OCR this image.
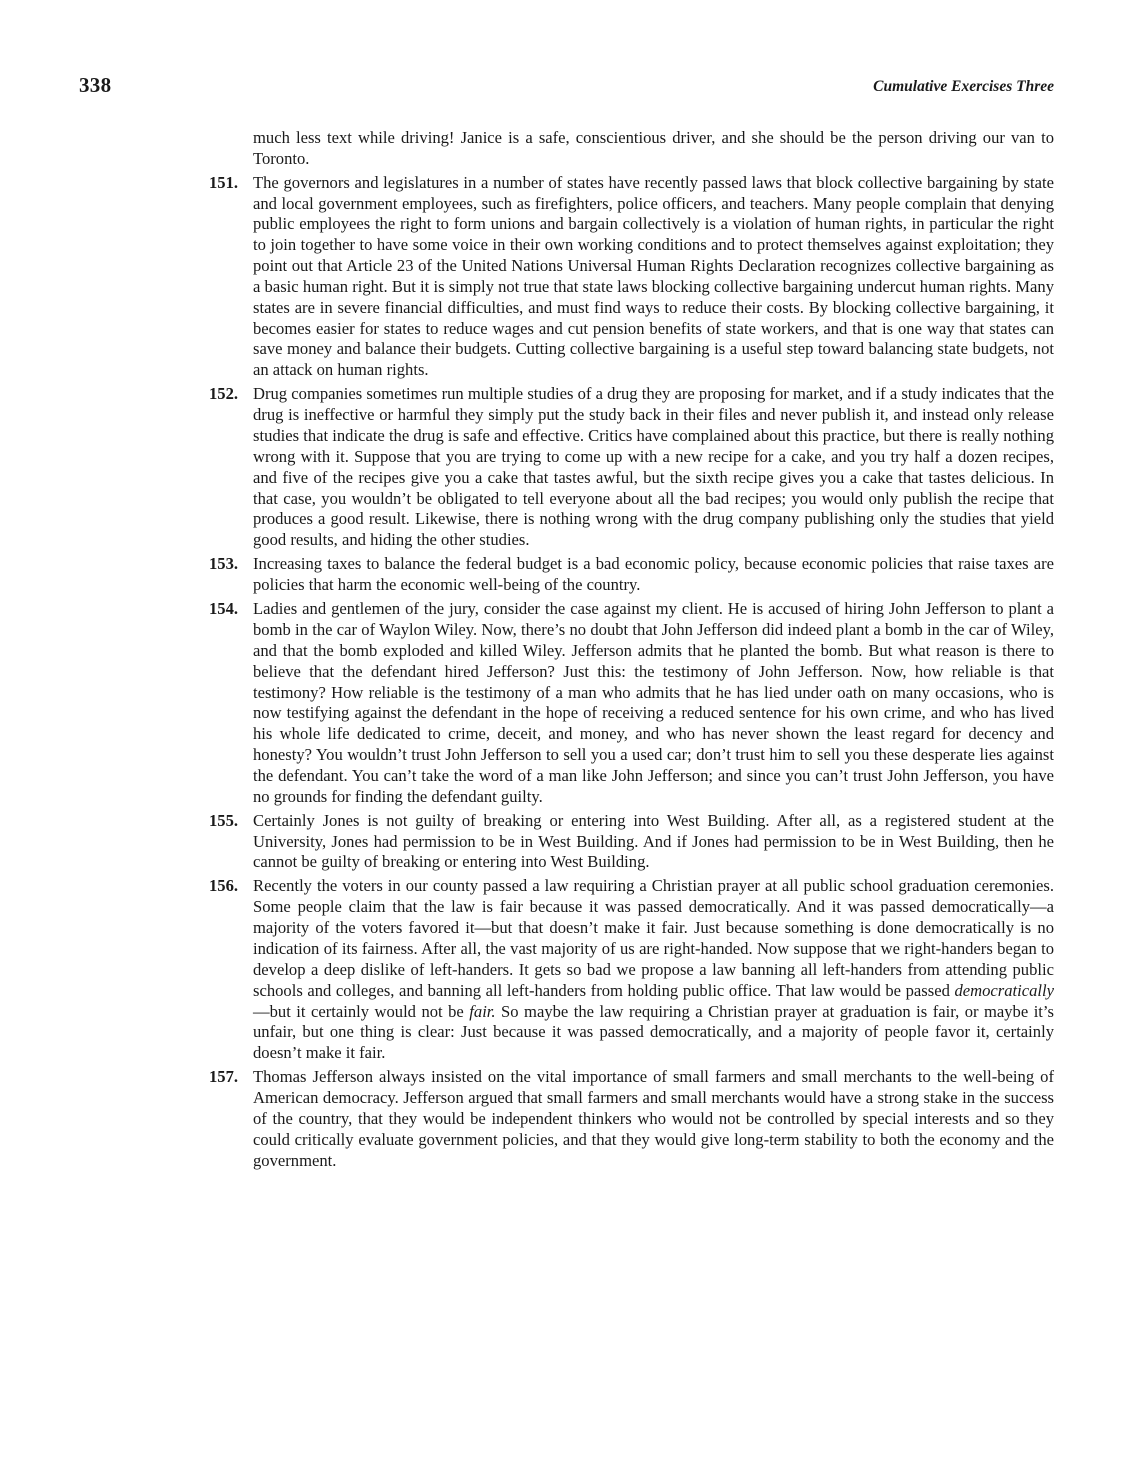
338	Cumulative Exercises Three

much less text while driving! Janice is a safe, conscientious driver, and she should be the person driving our van to Toronto.

151. The governors and legislatures in a number of states have recently passed laws that block collective bargaining by state and local government employees, such as firefighters, police officers, and teachers. Many people complain that denying public employees the right to form unions and bargain collectively is a violation of human rights, in particular the right to join together to have some voice in their own working conditions and to protect themselves against exploitation; they point out that Article 23 of the United Nations Universal Human Rights Declaration recognizes collective bargaining as a basic human right. But it is simply not true that state laws blocking collective bargaining undercut human rights. Many states are in severe financial difficulties, and must find ways to reduce their costs. By blocking collective bargaining, it becomes easier for states to reduce wages and cut pension benefits of state workers, and that is one way that states can save money and balance their budgets. Cutting collective bargaining is a useful step toward balancing state budgets, not an attack on human rights.

152. Drug companies sometimes run multiple studies of a drug they are proposing for market, and if a study indicates that the drug is ineffective or harmful they simply put the study back in their files and never publish it, and instead only release studies that indicate the drug is safe and effective. Critics have complained about this practice, but there is really nothing wrong with it. Suppose that you are trying to come up with a new recipe for a cake, and you try half a dozen recipes, and five of the recipes give you a cake that tastes awful, but the sixth recipe gives you a cake that tastes delicious. In that case, you wouldn’t be obligated to tell everyone about all the bad recipes; you would only publish the recipe that produces a good result. Likewise, there is nothing wrong with the drug company publishing only the studies that yield good results, and hiding the other studies.

153. Increasing taxes to balance the federal budget is a bad economic policy, because economic policies that raise taxes are policies that harm the economic well-being of the country.

154. Ladies and gentlemen of the jury, consider the case against my client. He is accused of hiring John Jefferson to plant a bomb in the car of Waylon Wiley. Now, there’s no doubt that John Jefferson did indeed plant a bomb in the car of Wiley, and that the bomb exploded and killed Wiley. Jefferson admits that he planted the bomb. But what reason is there to believe that the defendant hired Jefferson? Just this: the testimony of John Jefferson. Now, how reliable is that testimony? How reliable is the testimony of a man who admits that he has lied under oath on many occasions, who is now testifying against the defendant in the hope of receiving a reduced sentence for his own crime, and who has lived his whole life dedicated to crime, deceit, and money, and who has never shown the least regard for decency and honesty? You wouldn’t trust John Jefferson to sell you a used car; don’t trust him to sell you these desperate lies against the defendant. You can’t take the word of a man like John Jefferson; and since you can’t trust John Jefferson, you have no grounds for finding the defendant guilty.

155. Certainly Jones is not guilty of breaking or entering into West Building. After all, as a registered student at the University, Jones had permission to be in West Building. And if Jones had permission to be in West Building, then he cannot be guilty of breaking or entering into West Building.

156. Recently the voters in our county passed a law requiring a Christian prayer at all public school graduation ceremonies. Some people claim that the law is fair because it was passed democratically. And it was passed democratically—a majority of the voters favored it—but that doesn’t make it fair. Just because something is done democratically is no indication of its fairness. After all, the vast majority of us are right-handed. Now suppose that we right-handers began to develop a deep dislike of left-handers. It gets so bad we propose a law banning all left-handers from attending public schools and colleges, and banning all left-handers from holding public office. That law would be passed democratically—but it certainly would not be fair. So maybe the law requiring a Christian prayer at graduation is fair, or maybe it’s unfair, but one thing is clear: Just because it was passed democratically, and a majority of people favor it, certainly doesn’t make it fair.

157. Thomas Jefferson always insisted on the vital importance of small farmers and small merchants to the well-being of American democracy. Jefferson argued that small farmers and small merchants would have a strong stake in the success of the country, that they would be independent thinkers who would not be controlled by special interests and so they could critically evaluate government policies, and that they would give long-term stability to both the economy and the government.
